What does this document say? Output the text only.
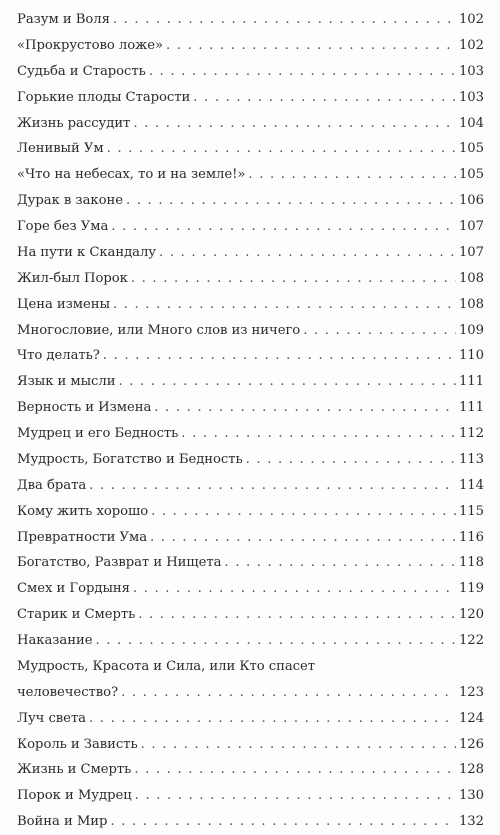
Разум и Воля . . .	102
«Прокрустово ложе» . . .	102
Судьба и Старость . . .	103
Горькие плоды Старости . . .	103
Жизнь рассудит . . .	104
Ленивый Ум . . .	105
«Что на небесах, то и на земле!» . . .	105
Дурак в законе . . .	106
Горе без Ума . . .	107
На пути к Скандалу . . .	107
Жил-был Порок . . .	108
Цена измены . . .	108
Многословие, или Много слов из ничего . . .	109
Что делать? . . .	110
Язык и мысли . . .	111
Верность и Измена . . .	111
Мудрец и его Бедность . . .	112
Мудрость, Богатство и Бедность . . .	113
Два брата . . .	114
Кому жить хорошо . . .	115
Превратности Ума . . .	116
Богатство, Разврат и Нищета . . .	118
Смех и Гордыня . . .	119
Старик и Смерть . . .	120
Наказание . . .	122
Мудрость, Красота и Сила, или Кто спасет
человечество? . . .	123
Луч света . . .	124
Король и Зависть . . .	126
Жизнь и Смерть . . .	128
Порок и Мудрец . . .	130
Война и Мир . . .	132
